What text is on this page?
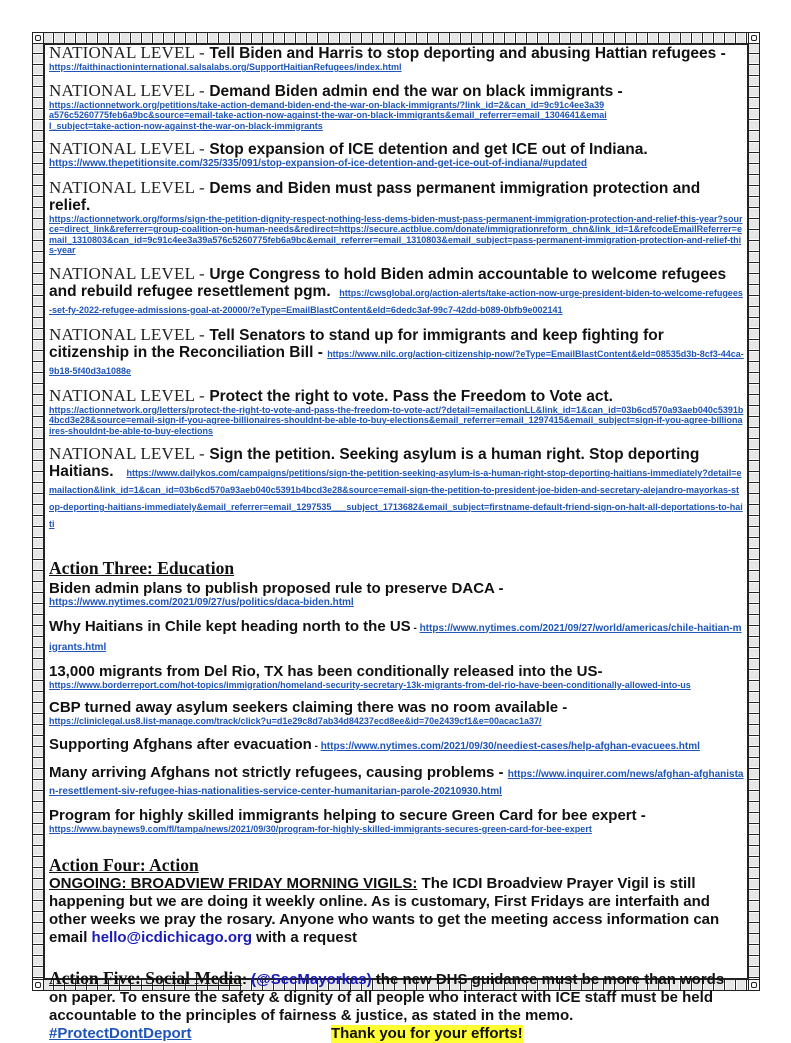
NATIONAL LEVEL - Tell Biden and Harris to stop deporting and abusing Hattian refugees -
https://faithinactioninternational.salsalabs.org/SupportHaitianRefugees/index.html
NATIONAL LEVEL - Demand Biden admin end the war on black immigrants -
https://actionnetwork.org/petitions/take-action-demand-biden-end-the-war-on-black-immigrants/?link_id=2&can_id=9c91c4ee3a39a576c5260775feb6a9bc&source=email-take-action-now-against-the-war-on-black-immigrants&email_referrer=email_1304641&email_subject=take-action-now-against-the-war-on-black-immigrants
NATIONAL LEVEL - Stop expansion of ICE detention and get ICE out of Indiana.
https://www.thepetitionsite.com/325/335/091/stop-expansion-of-ice-detention-and-get-ice-out-of-indiana/#updated
NATIONAL LEVEL - Dems and Biden must pass permanent immigration protection and relief.
https://actionnetwork.org/forms/sign-the-petition-dignity-respect-nothing-less-dems-biden-must-pass-permanent-immigration-protection-and-relief-this-year?source=direct_link&referrer=group-coalition-on-human-needs&redirect=https://secure.actblue.com/donate/immigrationreform_chn&link_id=1&refcodeEmailReferrer=email_1310803&can_id=9c91c4ee3a39a576c5260775feb6a9bc&email_referrer=email_1310803&email_subject=pass-permanent-immigration-protection-and-relief-this-year
NATIONAL LEVEL - Urge Congress to hold Biden admin accountable to welcome refugees and rebuild refugee resettlement pgm. https://cwsglobal.org/action-alerts/take-action-now-urge-president-biden-to-welcome-refugees-set-fy-2022-refugee-admissions-goal-at-20000/?eType=EmailBlastContent&eId=6dedc3af-99c7-42dd-b089-0bfb9e002141
NATIONAL LEVEL - Tell Senators to stand up for immigrants and keep fighting for citizenship in the Reconciliation Bill - https://www.nilc.org/action-citizenship-now/?eType=EmailBlastContent&eId=08535d3b-8cf3-44ca-9b18-5f40d3a1088e
NATIONAL LEVEL - Protect the right to vote. Pass the Freedom to Vote act.
https://actionnetwork.org/letters/protect-the-right-to-vote-and-pass-the-freedom-to-vote-act/?detail=emailactionLL&link_id=1&can_id=03b6cd570a93aeb040c5391b4bcd3e28&source=email-sign-if-you-agree-billionaires-shouldnt-be-able-to-buy-elections&email_referrer=email_1297415&email_subject=sign-if-you-agree-billionaires-shouldnt-be-able-to-buy-elections
NATIONAL LEVEL - Sign the petition. Seeking asylum is a human right. Stop deporting Haitians. https://www.dailykos.com/campaigns/petitions/sign-the-petition-seeking-asylum-is-a-human-right-stop-deporting-haitians-immediately?detail=emailaction&link_id=1&can_id=03b6cd570a93aeb040c5391b4bcd3e28&source=email-sign-the-petition-to-president-joe-biden-and-secretary-alejandro-mayorkas-stop-deporting-haitians-immediately&email_referrer=email_1297535___subject_1713682&email_subject=firstname-default-friend-sign-on-halt-all-deportations-to-haiti
Action Three: Education
Biden admin plans to publish proposed rule to preserve DACA -
https://www.nytimes.com/2021/09/27/us/politics/daca-biden.html
Why Haitians in Chile kept heading north to the US - https://www.nytimes.com/2021/09/27/world/americas/chile-haitian-migrants.html
13,000 migrants from Del Rio, TX has been conditionally released into the US-
https://www.borderreport.com/hot-topics/immigration/homeland-security-secretary-13k-migrants-from-del-rio-have-been-conditionally-allowed-into-us
CBP turned away asylum seekers claiming there was no room available -
https://cliniclegal.us8.list-manage.com/track/click?u=d1e29c8d7ab34d84237ecd8ee&id=70e2439cf1&e=00acac1a37/
Supporting Afghans after evacuation - https://www.nytimes.com/2021/09/30/neediest-cases/help-afghan-evacuees.html
Many arriving Afghans not strictly refugees, causing problems - https://www.inquirer.com/news/afghan-afghanistan-resettlement-siv-refugee-hias-nationalities-service-center-humanitarian-parole-20210930.html
Program for highly skilled immigrants helping to secure Green Card for bee expert -
https://www.baynews9.com/fl/tampa/news/2021/09/30/program-for-highly-skilled-immigrants-secures-green-card-for-bee-expert
Action Four: Action
ONGOING: BROADVIEW FRIDAY MORNING VIGILS: The ICDI Broadview Prayer Vigil is still happening but we are doing it weekly online. As is customary, First Fridays are interfaith and other weeks we pray the rosary. Anyone who wants to get the meeting access information can email hello@icdichicago.org with a request
Action Five: Social Media: (@SecMayorkas) the new DHS guidance must be more than words on paper. To ensure the safety & dignity of all people who interact with ICE staff must be held accountable to the principles of fairness & justice, as stated in the memo.
#ProtectDontDeport	Thank you for your efforts!
